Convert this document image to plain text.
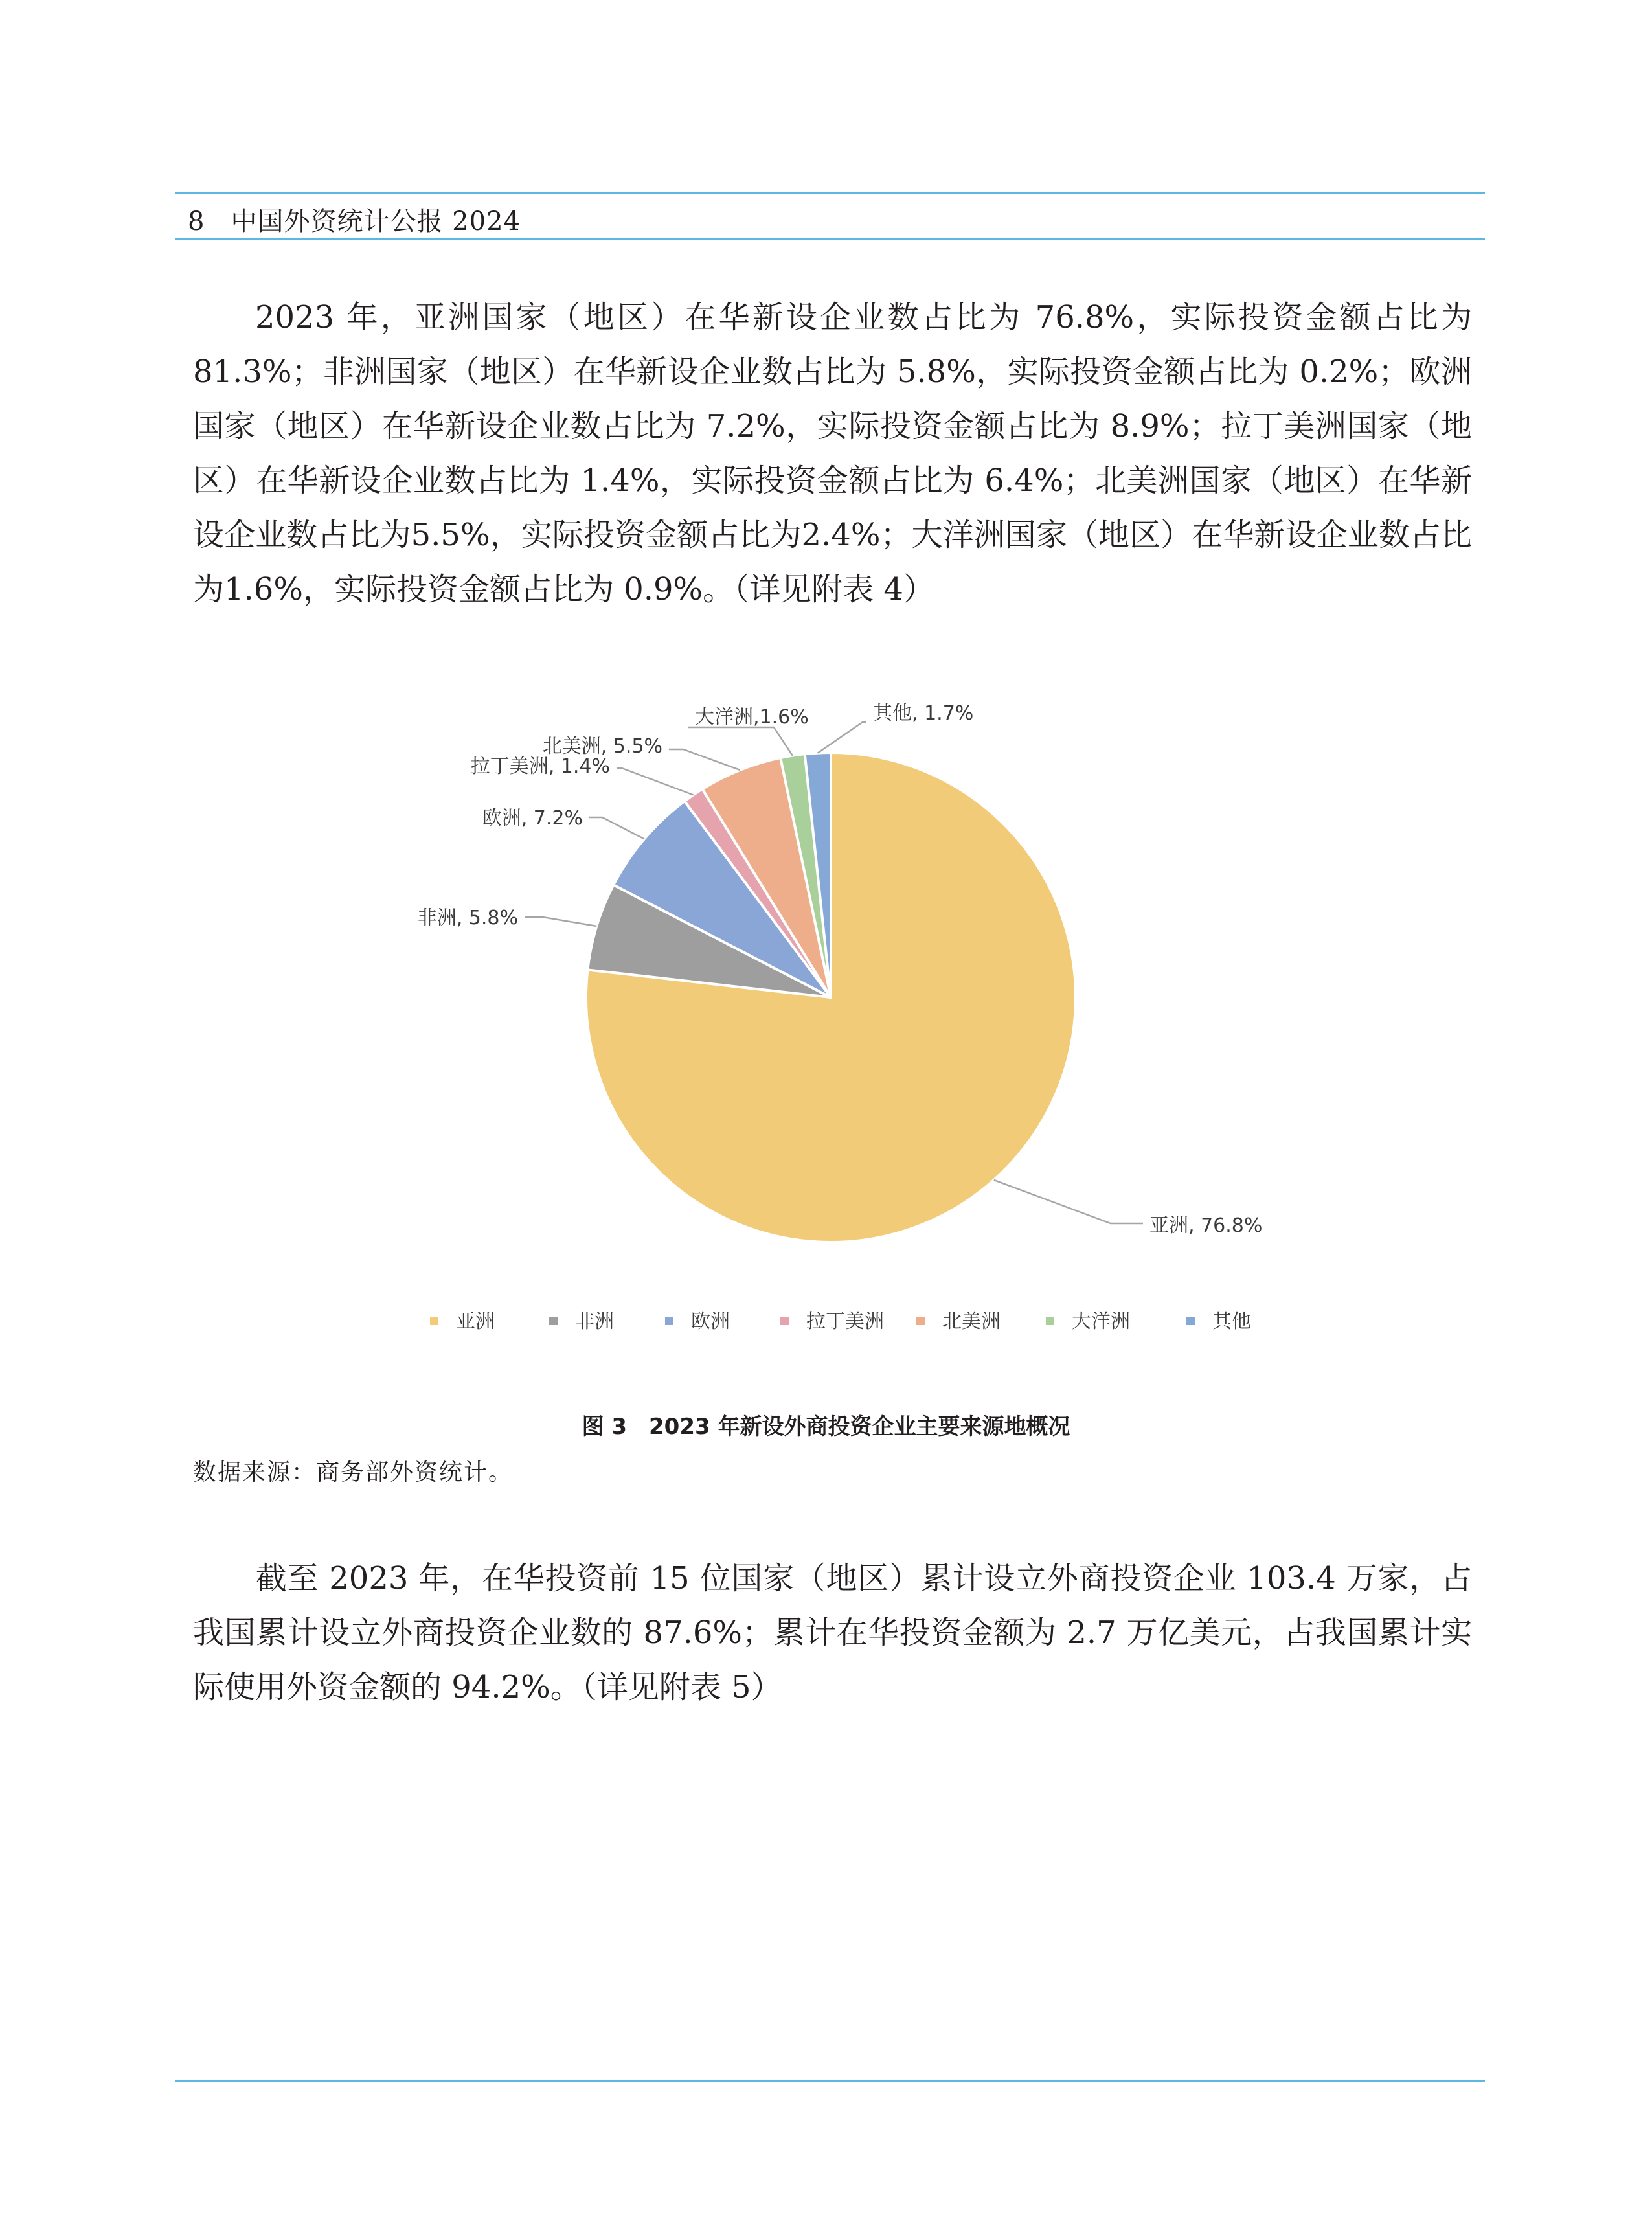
8 中国外资统计公报 2024

2023 年，亚洲国家（地区）在华新设企业数占比为 76.8%，实际投资金额占比为 81.3%；非洲国家（地区）在华新设企业数占比为 5.8%，实际投资金额占比为 0.2%；欧洲国家（地区）在华新设企业数占比为 7.2%，实际投资金额占比为 8.9%；拉丁美洲国家（地区）在华新设企业数占比为 1.4%，实际投资金额占比为 6.4%；北美洲国家（地区）在华新设企业数占比为5.5%，实际投资金额占比为2.4%；大洋洲国家（地区）在华新设企业数占比为1.6%，实际投资金额占比为 0.9%。（详见附表 4）

亚洲, 76.8%
非洲, 5.8%
欧洲, 7.2%
拉丁美洲, 1.4%
北美洲, 5.5%
大洋洲,1.6%	其他, 1.7%
亚洲	非洲	欧洲	拉丁美洲	北美洲	大洋洲	其他
图 3　2023 年新设外商投资企业主要来源地概况
数据来源：商务部外资统计。

截至 2023 年，在华投资前 15 位国家（地区）累计设立外商投资企业 103.4 万家，占我国累计设立外商投资企业数的 87.6%；累计在华投资金额为 2.7 万亿美元，占我国累计实际使用外资金额的 94.2%。（详见附表 5）
